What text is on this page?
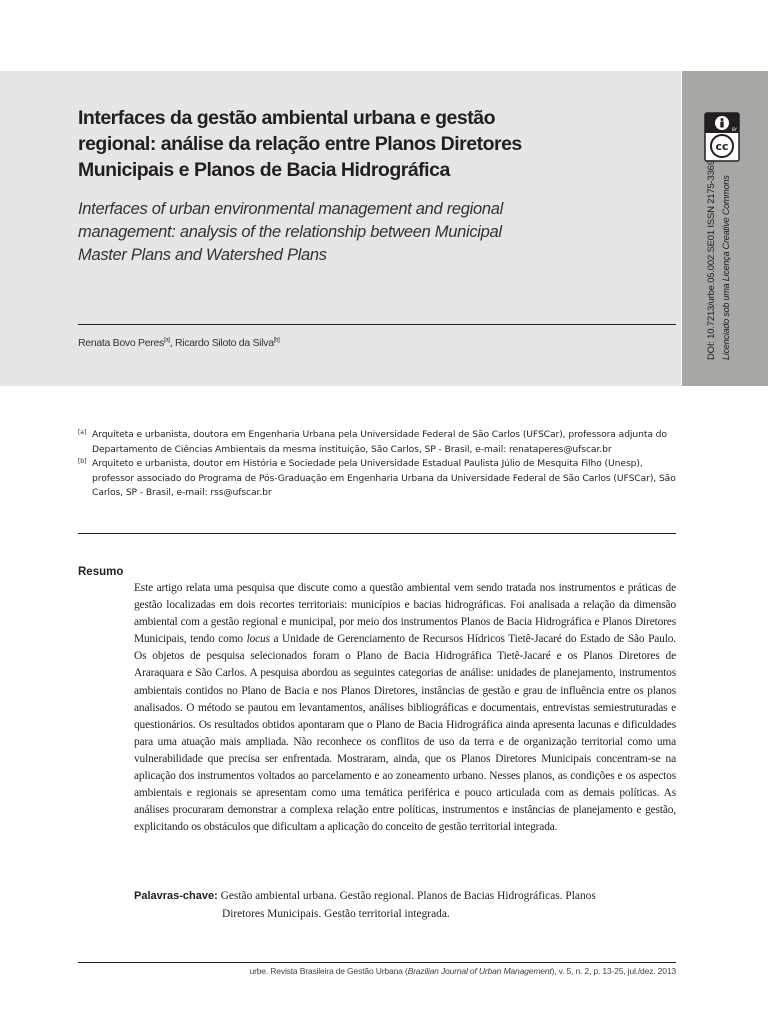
Interfaces da gestão ambiental urbana e gestão regional: análise da relação entre Planos Diretores Municipais e Planos de Bacia Hidrográfica

Interfaces of urban environmental management and regional management: analysis of the relationship between Municipal Master Plans and Watershed Plans

Renata Bovo Peres[a], Ricardo Siloto da Silva[b]
BY
cc
DOI: 10.7213/urbe.05.002.SE01 ISSN 2175-3369 Licenciado sob uma Licença Creative Commons

[a] Arquiteta e urbanista, doutora em Engenharia Urbana pela Universidade Federal de São Carlos (UFSCar), professora adjunta do Departamento de Ciências Ambientais da mesma instituição, São Carlos, SP - Brasil, e-mail: renataperes@ufscar.br

[b] Arquiteto e urbanista, doutor em História e Sociedade pela Universidade Estadual Paulista Júlio de Mesquita Filho (Unesp), professor associado do Programa de Pós-Graduação em Engenharia Urbana da Universidade Federal de São Carlos (UFSCar), São Carlos, SP - Brasil, e-mail: rss@ufscar.br

Resumo

Este artigo relata uma pesquisa que discute como a questão ambiental vem sendo tratada nos instrumentos e práticas de gestão localizadas em dois recortes territoriais: municípios e bacias hidrográficas. Foi analisada a relação da dimensão ambiental com a gestão regional e municipal, por meio dos instrumentos Planos de Bacia Hidrográfica e Planos Diretores Municipais, tendo como locus a Unidade de Gerenciamento de Recursos Hídricos Tietê-Jacaré do Estado de São Paulo. Os objetos de pesquisa selecionados foram o Plano de Bacia Hidrográfica Tietê-Jacaré e os Planos Diretores de Araraquara e São Carlos. A pesquisa abordou as seguintes categorias de análise: unidades de planejamento, instrumentos ambientais contidos no Plano de Bacia e nos Planos Diretores, instâncias de gestão e grau de influência entre os planos analisados. O método se pautou em levantamentos, análises bibliográficas e documentais, entrevistas semiestruturadas e questionários. Os resultados obtidos apontaram que o Plano de Bacia Hidrográfica ainda apresenta lacunas e dificuldades para uma atuação mais ampliada. Não reconhece os conflitos de uso da terra e de organização territorial como uma vulnerabilidade que precisa ser enfrentada. Mostraram, ainda, que os Planos Diretores Municipais concentram-se na aplicação dos instrumentos voltados ao parcelamento e ao zoneamento urbano. Nesses planos, as condições e os aspectos ambientais e regionais se apresentam como uma temática periférica e pouco articulada com as demais políticas. As análises procuraram demonstrar a complexa relação entre políticas, instrumentos e instâncias de planejamento e gestão, explicitando os obstáculos que dificultam a aplicação do conceito de gestão territorial integrada.

Palavras-chave: Gestão ambiental urbana. Gestão regional. Planos de Bacias Hidrográficas. Planos
Diretores Municipais. Gestão territorial integrada.
urbe. Revista Brasileira de Gestão Urbana (Brazilian Journal of Urban Management), v. 5, n. 2, p. 13-25, jul./dez. 2013
